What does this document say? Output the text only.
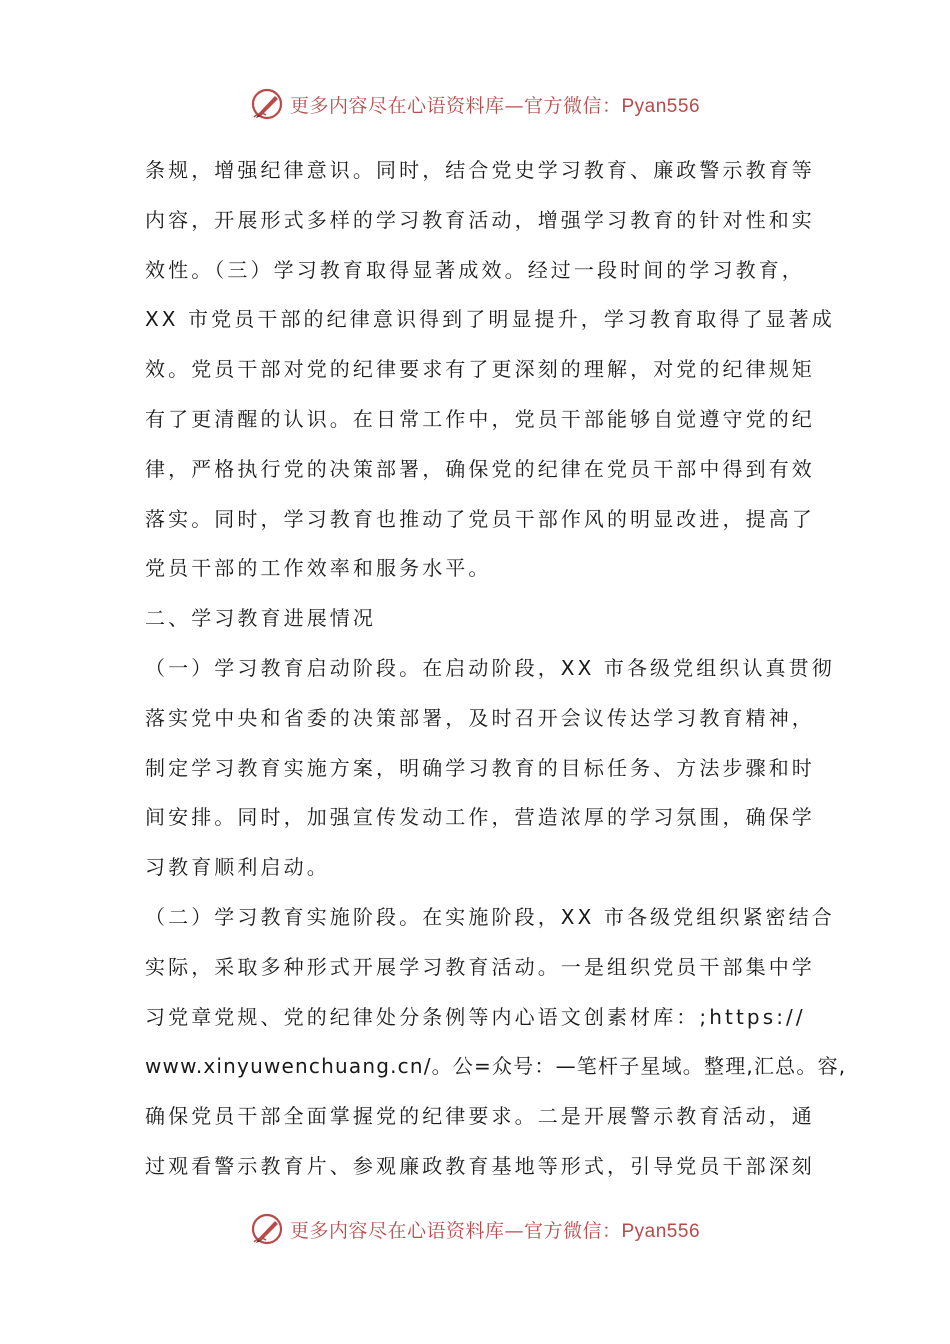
更多内容尽在心语资料库—官方微信：Pyan556
条规，增强纪律意识。同时，结合党史学习教育、廉政警示教育等
内容，开展形式多样的学习教育活动，增强学习教育的针对性和实
效性。（三）学习教育取得显著成效。经过一段时间的学习教育，
XX 市党员干部的纪律意识得到了明显提升，学习教育取得了显著成
效。党员干部对党的纪律要求有了更深刻的理解，对党的纪律规矩
有了更清醒的认识。在日常工作中，党员干部能够自觉遵守党的纪
律，严格执行党的决策部署，确保党的纪律在党员干部中得到有效
落实。同时，学习教育也推动了党员干部作风的明显改进，提高了
党员干部的工作效率和服务水平。
二、学习教育进展情况
（一）学习教育启动阶段。在启动阶段，XX 市各级党组织认真贯彻
落实党中央和省委的决策部署，及时召开会议传达学习教育精神，
制定学习教育实施方案，明确学习教育的目标任务、方法步骤和时
间安排。同时，加强宣传发动工作，营造浓厚的学习氛围，确保学
习教育顺利启动。
（二）学习教育实施阶段。在实施阶段，XX 市各级党组织紧密结合
实际，采取多种形式开展学习教育活动。一是组织党员干部集中学
习党章党规、党的纪律处分条例等内心语文创素材库：;https://
www.xinyuwenchuang.cn/。公=众号：—笔杆子星域。整理,汇总。容,
确保党员干部全面掌握党的纪律要求。二是开展警示教育活动，通
过观看警示教育片、参观廉政教育基地等形式，引导党员干部深刻
更多内容尽在心语资料库—官方微信：Pyan556
